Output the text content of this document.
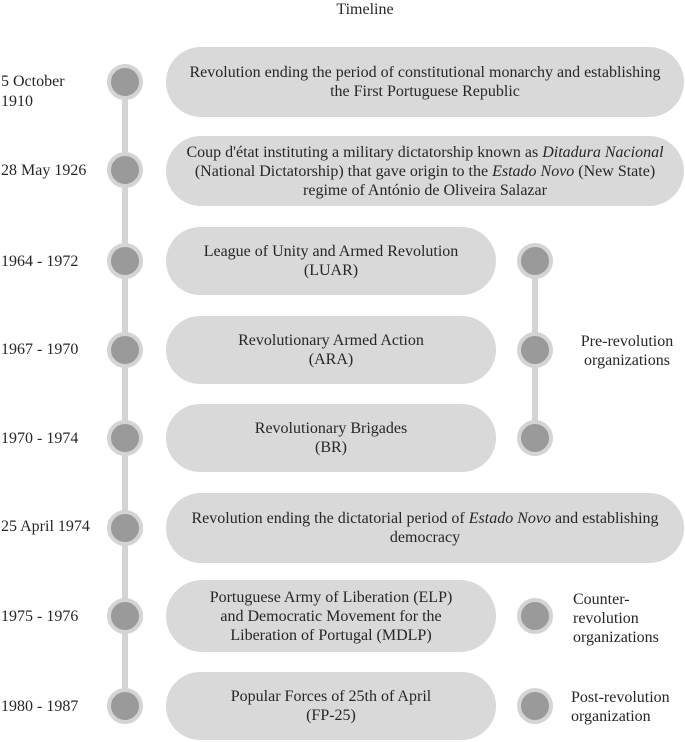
Timeline
5 October
1910
28 May 1926
1964 - 1972
1967 - 1970
1970 - 1974
25 April 1974
1975 - 1976
1980 - 1987
Revolution ending the period of constitutional monarchy and establishing the First Portuguese Republic
Coup d'état instituting a military dictatorship known as Ditadura Nacional (National Dictatorship) that gave origin to the Estado Novo (New State) regime of António de Oliveira Salazar
League of Unity and Armed Revolution
(LUAR)
Revolutionary Armed Action
(ARA)
Revolutionary Brigades
(BR)
Revolution ending the dictatorial period of Estado Novo and establishing democracy
Portuguese Army of Liberation (ELP)
and Democratic Movement for the
Liberation of Portugal (MDLP)
Popular Forces of 25th of April
(FP-25)
Pre-revolution
organizations
Counter-
revolution
organizations
Post-revolution
organization
